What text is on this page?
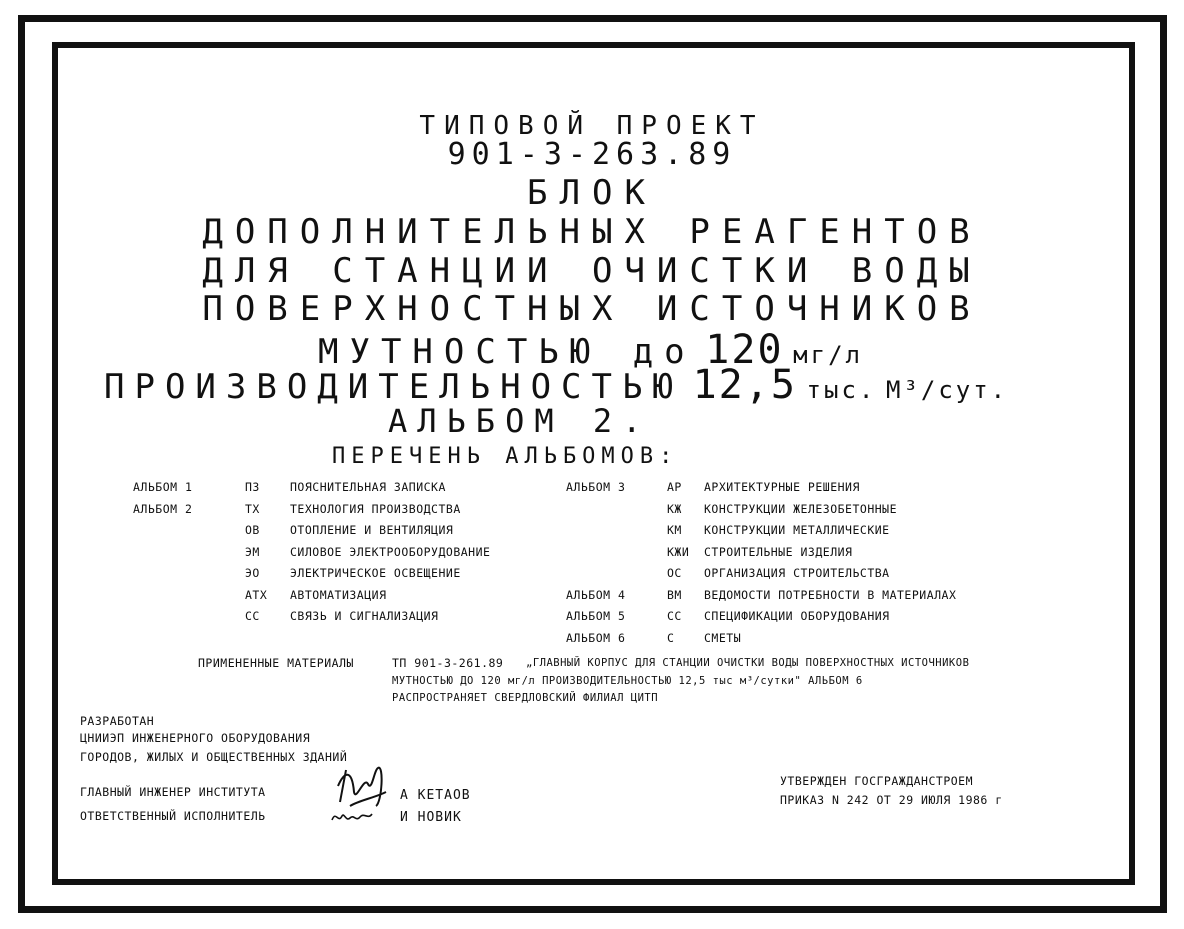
ТИПОВОЙ ПРОЕКТ
901-3-263.89
БЛОК
ДОПОЛНИТЕЛЬНЫХ РЕАГЕНТОВ
ДЛЯ СТАНЦИИ ОЧИСТКИ ВОДЫ
ПОВЕРХНОСТНЫХ ИСТОЧНИКОВ
МУТНОСТЬЮ до 120 мг/л
ПРОИЗВОДИТЕЛЬНОСТЬЮ 12,5 тыс. М³/сут.
АЛЬБОМ 2.
ПЕРЕЧЕНЬ АЛЬБОМОВ:
АЛЬБОМ 1	ПЗ	ПОЯСНИТЕЛЬНАЯ ЗАПИСКА
АЛЬБОМ 2	ТХ	ТЕХНОЛОГИЯ ПРОИЗВОДСТВА
ОВ	ОТОПЛЕНИЕ И ВЕНТИЛЯЦИЯ
ЭМ	СИЛОВОЕ ЭЛЕКТРООБОРУДОВАНИЕ
ЭО	ЭЛЕКТРИЧЕСКОЕ ОСВЕЩЕНИЕ
АТХ АВТОМАТИЗАЦИЯ
СС	СВЯЗЬ И СИГНАЛИЗАЦИЯ
АЛЬБОМ 3	АР АРХИТЕКТУРНЫЕ РЕШЕНИЯ
КЖ КОНСТРУКЦИИ ЖЕЛЕЗОБЕТОННЫЕ
КМ КОНСТРУКЦИИ МЕТАЛЛИЧЕСКИЕ
КЖИ СТРОИТЕЛЬНЫЕ ИЗДЕЛИЯ
ОС ОРГАНИЗАЦИЯ СТРОИТЕЛЬСТВА
АЛЬБОМ 4	ВМ ВЕДОМОСТИ ПОТРЕБНОСТИ В МАТЕРИАЛАХ
АЛЬБОМ 5	СС СПЕЦИФИКАЦИИ ОБОРУДОВАНИЯ
АЛЬБОМ 6	С	СМЕТЫ
ПРИМЕНЕННЫЕ МАТЕРИАЛЫ	ТП 901-3-261.89 „ГЛАВНЫЙ КОРПУС ДЛЯ СТАНЦИИ ОЧИСТКИ ВОДЫ ПОВЕРХНОСТНЫХ ИСТОЧНИКОВ
МУТНОСТЬЮ ДО 120 мг/л ПРОИЗВОДИТЕЛЬНОСТЬЮ 12,5 тыс м³/сутки" АЛЬБОМ 6
РАСПРОСТРАНЯЕТ СВЕРДЛОВСКИЙ ФИЛИАЛ ЦИТП
РАЗРАБОТАН
ЦНИИЭП ИНЖЕНЕРНОГО ОБОРУДОВАНИЯ
ГОРОДОВ, ЖИЛЫХ И ОБЩЕСТВЕННЫХ ЗДАНИЙ
ГЛАВНЫЙ ИНЖЕНЕР ИНСТИТУТА
ОТВЕТСТВЕННЫЙ ИСПОЛНИТЕЛЬ
А КЕТАОВ
И НОВИК
УТВЕРЖДЕН ГОСГРАЖДАНСТРОЕМ
ПРИКАЗ N 242 ОТ 29 ИЮЛЯ 1986 г
